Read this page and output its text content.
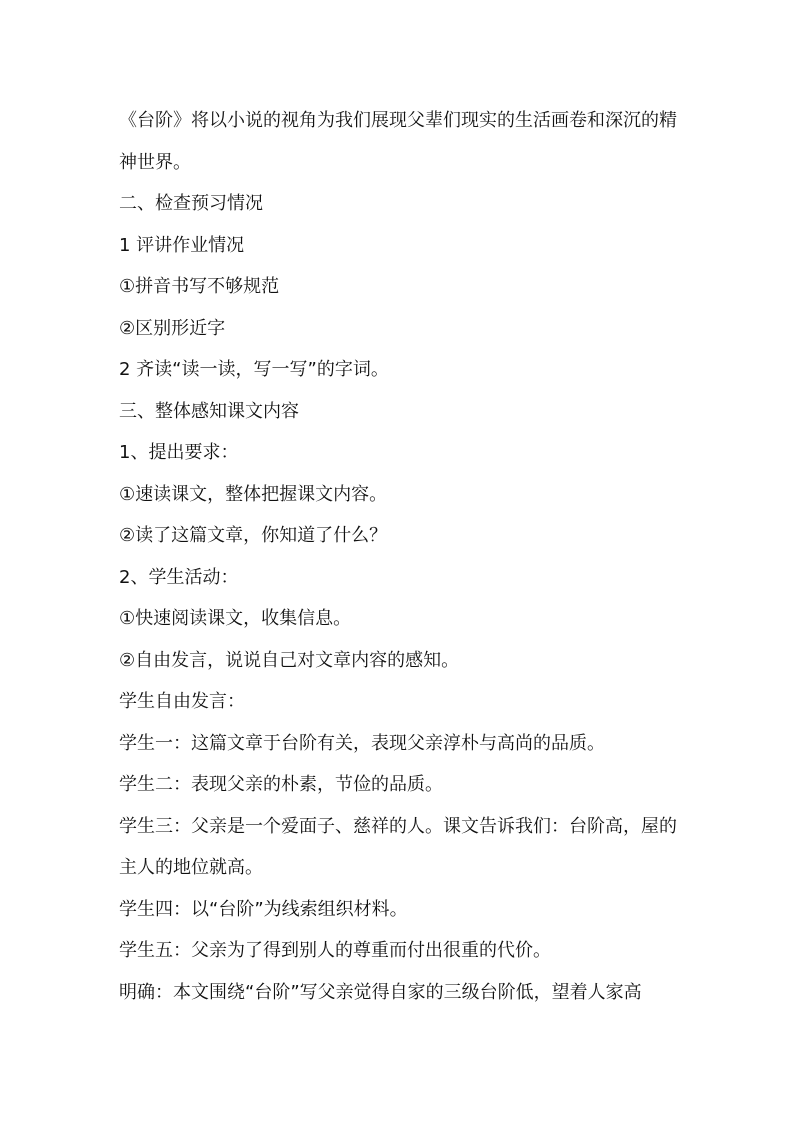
《台阶》将以小说的视角为我们展现父辈们现实的生活画卷和深沉的精神世界。

二、检查预习情况

1 评讲作业情况

①拼音书写不够规范

②区别形近字

2 齐读“读一读，写一写”的字词。

三、整体感知课文内容

1、提出要求：

①速读课文，整体把握课文内容。

②读了这篇文章，你知道了什么？

2、学生活动：

①快速阅读课文，收集信息。

②自由发言，说说自己对文章内容的感知。

学生自由发言：

学生一：这篇文章于台阶有关，表现父亲淳朴与高尚的品质。

学生二：表现父亲的朴素，节俭的品质。

学生三：父亲是一个爱面子、慈祥的人。课文告诉我们：台阶高，屋的主人的地位就高。

学生四：以“台阶”为线索组织材料。

学生五：父亲为了得到别人的尊重而付出很重的代价。

明确：本文围绕“台阶”写父亲觉得自家的三级台阶低，望着人家高
